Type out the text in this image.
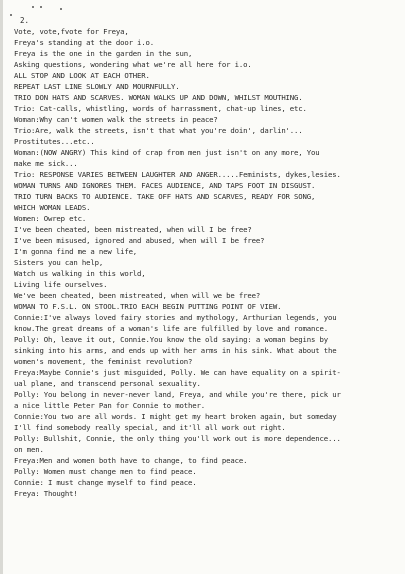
2.
Vote, vote,fvote for Freya,
Freya's standing at the door i.o.
Freya is the one in the garden in the sun,
Asking questions, wondering what we're all here for i.o.
ALL STOP AND LOOK AT EACH OTHER.
REPEAT LAST LINE SLOWLY AND MOURNFULLY.
TRIO DON HATS AND SCARVES. WOMAN WALKS UP AND DOWN, WHILST MOUTHING.
Trio: Cat-calls, whistling, words of harrassment, chat-up lines, etc.
Woman:Why can't women walk the streets in peace?
Trio:Are, walk the streets, isn't that what you're doin', darlin'...
Prostitutes...etc..
Woman:(NOW ANGRY) This kind of crap from men just isn't on any more, You
make me sick...
Trio: RESPONSE VARIES BETWEEN LAUGHTER AND ANGER.....Feminists, dykes,lesies.
WOMAN TURNS AND IGNORES THEM. FACES AUDIENCE, AND TAPS FOOT IN DISGUST.
TRIO TURN BACKS TO AUDIENCE. TAKE OFF HATS AND SCARVES, READY FOR SONG,
WHICH WOMAN LEADS.
Women: Owrep etc.
I've been cheated, been mistreated, when will I be free?
I've been misused, ignored and abused, when will I be free?
I'm gonna find me a new life,
Sisters you can help,
Watch us walking in this world,
Living life ourselves.
We've been cheated, been mistreated, when will we be free?
WOMAN TO F.S.L. ON STOOL.TRIO EACH BEGIN PUTTING POINT OF VIEW.
Connie:I've always loved fairy stories and mythology, Arthurian legends, you
know.The great dreams of a woman's life are fulfilled by love and romance.
Polly: Oh, leave it out, Connie.You know the old saying: a woman begins by
sinking into his arms, and ends up with her arms in his sink. What about the
women's movement, the feminist revolution?
Freya:Maybe Connie's just misguided, Polly. We can have equality on a spirit-
ual plane, and transcend personal sexuality.
Polly: You belong in never-never land, Freya, and while you're there, pick ur
a nice little Peter Pan for Connie to mother.
Connie:You two are all words. I might get my heart broken again, but someday
I'll find somebody really special, and it'll all work out right.
Polly: Bullshit, Connie, the only thing you'll work out is more dependence...
on men.
Freya:Men and women both have to change, to find peace.
Polly: Women must change men to find peace.
Connie: I must change myself to find peace.
Freya: Thought!
